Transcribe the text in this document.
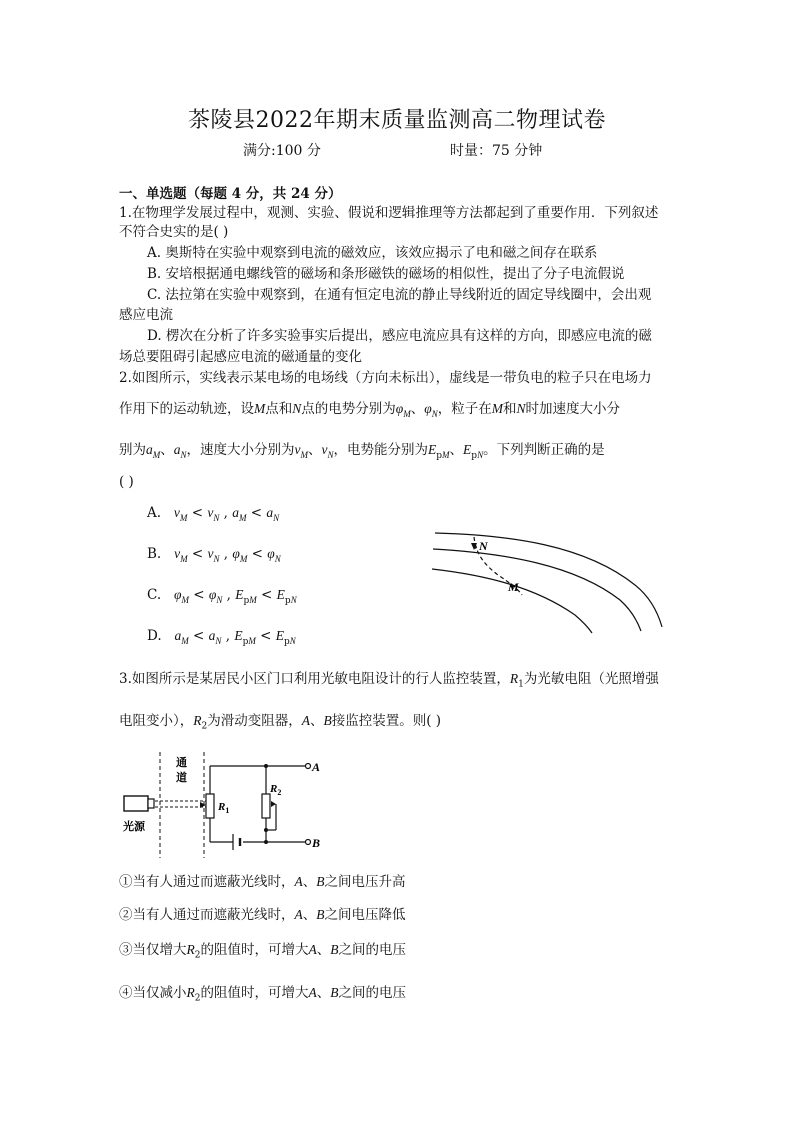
茶陵县2022年期末质量监测高二物理试卷
满分:100 分	时量：75 分钟
一、单选题（每题 4 分，共 24 分）
1.在物理学发展过程中，观测、实验、假说和逻辑推理等方法都起到了重要作用．下列叙述
不符合史实的是( )
A. 奥斯特在实验中观察到电流的磁效应，该效应揭示了电和磁之间存在联系
B. 安培根据通电螺线管的磁场和条形磁铁的磁场的相似性，提出了分子电流假说
C. 法拉第在实验中观察到，在通有恒定电流的静止导线附近的固定导线圈中，会出观
感应电流
D. 楞次在分析了许多实验事实后提出，感应电流应具有这样的方向，即感应电流的磁
场总要阻碍引起感应电流的磁通量的变化
2.如图所示，实线表示某电场的电场线（方向未标出），虚线是一带负电的粒子只在电场力
作用下的运动轨迹，设M点和N点的电势分别为$\varphi_M$、$\varphi_N$，粒子在M和N时加速度大小分
别为$a_M$、$a_N$，速度大小分别为$v_M$、$v_N$，电势能分别为$E_{pM}$、$E_{pN}$。下列判断正确的是
( )
A. $v_M < v_N$ , $a_M < a_N$
B. $v_M < v_N$ , $\varphi_M < \varphi_N$
C. $\varphi_M < \varphi_N$ , $E_{pM} < E_{pN}$
D. $a_M < a_N$ , $E_{pM} < E_{pN}$
N
M
3.如图所示是某居民小区门口利用光敏电阻设计的行人监控装置，$R_1$为光敏电阻（光照增强
电阻变小），$R_2$为滑动变阻器，A、B接监控装置。则( )
光源
通
道
$R_1$
$R_2$
A
B
①当有人通过而遮蔽光线时，A、B之间电压升高
②当有人通过而遮蔽光线时，A、B之间电压降低
③当仅增大$R_2$的阻值时，可增大A、B之间的电压
④当仅减小$R_2$的阻值时，可增大A、B之间的电压
